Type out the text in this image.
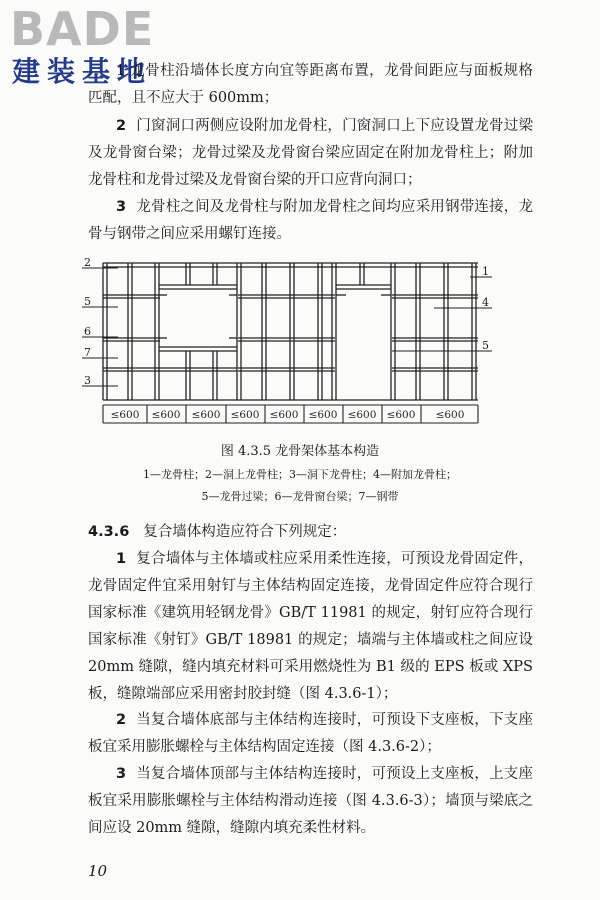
BADE
建装基地
1 龙骨柱沿墙体长度方向宜等距离布置，龙骨间距应与面板规格匹配，且不应大于 600mm；
2 门窗洞口两侧应设附加龙骨柱，门窗洞口上下应设置龙骨过梁及龙骨窗台梁；龙骨过梁及龙骨窗台梁应固定在附加龙骨柱上；附加龙骨柱和龙骨过梁及龙骨窗台梁的开口应背向洞口；
3 龙骨柱之间及龙骨柱与附加龙骨柱之间均应采用钢带连接，龙骨与钢带之间应采用螺钉连接。
≤600 ≤600 ≤600 ≤600 ≤600 ≤600 ≤600 ≤600 ≤600
2
5
6
7
3
1
4
5
图 4.3.5 龙骨架体基本构造
1—龙骨柱；2—洞上龙骨柱；3—洞下龙骨柱；4—附加龙骨柱；
5—龙骨过梁；6—龙骨窗台梁；7—钢带
4.3.6 复合墙体构造应符合下列规定：
1 复合墙体与主体墙或柱应采用柔性连接，可预设龙骨固定件，龙骨固定件宜采用射钉与主体结构固定连接，龙骨固定件应符合现行国家标准《建筑用轻钢龙骨》GB/T 11981 的规定，射钉应符合现行国家标准《射钉》GB/T 18981 的规定；墙端与主体墙或柱之间应设 20mm 缝隙，缝内填充材料可采用燃烧性为 B1 级的 EPS 板或 XPS 板，缝隙端部应采用密封胶封缝（图 4.3.6-1）；
2 当复合墙体底部与主体结构连接时，可预设下支座板，下支座板宜采用膨胀螺栓与主体结构固定连接（图 4.3.6-2）；
3 当复合墙体顶部与主体结构连接时，可预设上支座板，上支座板宜采用膨胀螺栓与主体结构滑动连接（图 4.3.6-3）；墙顶与梁底之间应设 20mm 缝隙，缝隙内填充柔性材料。
10
